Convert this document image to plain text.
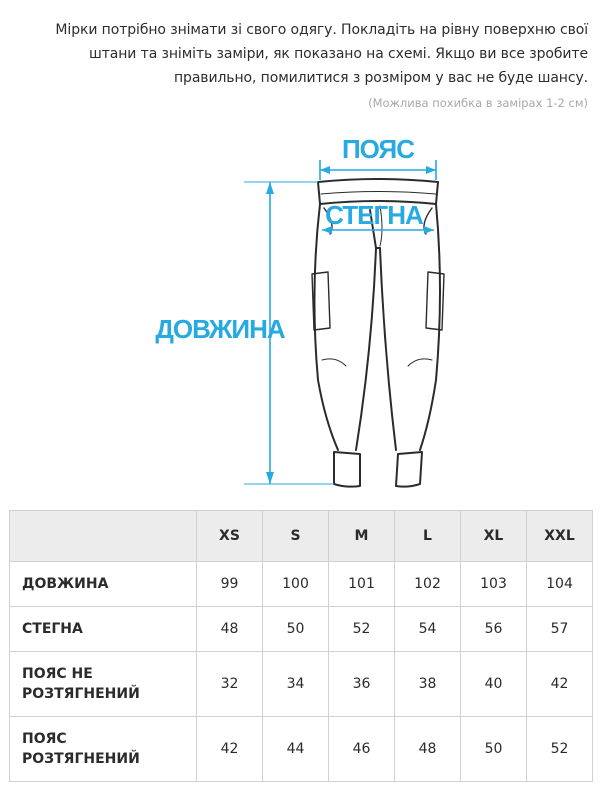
Мірки потрібно знімати зі свого одягу. Покладіть на рівну поверхню свої штани та зніміть заміри, як показано на схемі. Якщо ви все зробите правильно, помилитися з розміром у вас не буде шансу.
(Можлива похибка в замірах 1-2 см)
ПОЯС
СТЕГНА
ДОВЖИНА
	XS	S	M	L	XL	XXL
ДОВЖИНА	99	100	101	102	103	104
СТЕГНА	48	50	52	54	56	57
ПОЯС НЕ
РОЗТЯГНЕНИЙ	32	34	36	38	40	42
ПОЯС
РОЗТЯГНЕНИЙ	42	44	46	48	50	52
